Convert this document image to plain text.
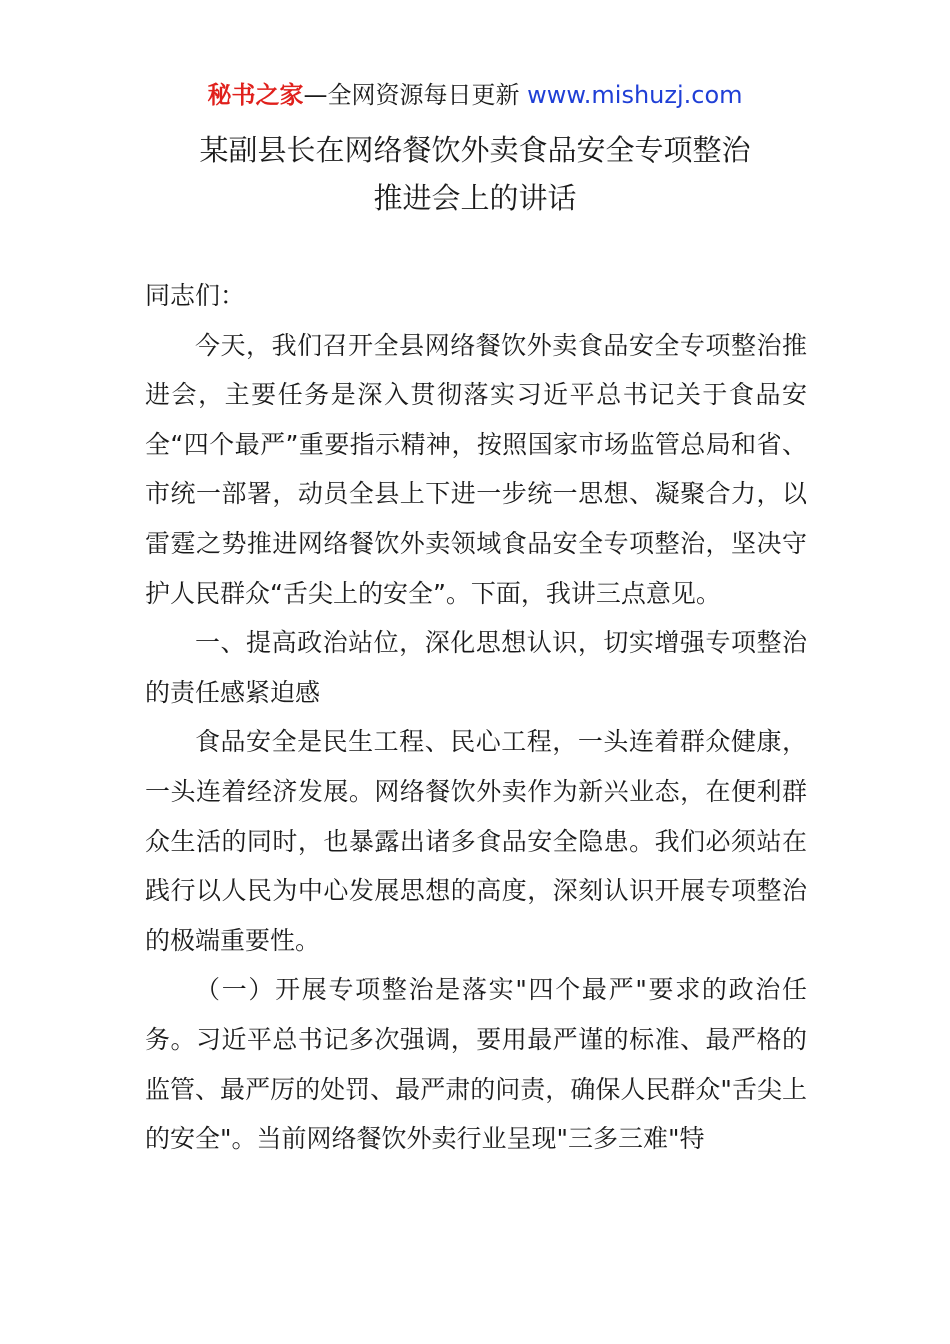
秘书之家—全网资源每日更新 www.mishuzj.com
某副县长在网络餐饮外卖食品安全专项整治
推进会上的讲话

同志们：

今天，我们召开全县网络餐饮外卖食品安全专项整治推进会，主要任务是深入贯彻落实习近平总书记关于食品安全“四个最严”重要指示精神，按照国家市场监管总局和省、市统一部署，动员全县上下进一步统一思想、凝聚合力，以雷霆之势推进网络餐饮外卖领域食品安全专项整治，坚决守护人民群众“舌尖上的安全”。下面，我讲三点意见。

一、提高政治站位，深化思想认识，切实增强专项整治的责任感紧迫感

食品安全是民生工程、民心工程，一头连着群众健康，一头连着经济发展。网络餐饮外卖作为新兴业态，在便利群众生活的同时，也暴露出诸多食品安全隐患。我们必须站在践行以人民为中心发展思想的高度，深刻认识开展专项整治的极端重要性。

（一）开展专项整治是落实"四个最严"要求的政治任务。习近平总书记多次强调，要用最严谨的标准、最严格的监管、最严厉的处罚、最严肃的问责，确保人民群众"舌尖上的安全"。当前网络餐饮外卖行业呈现"三多三难"特
